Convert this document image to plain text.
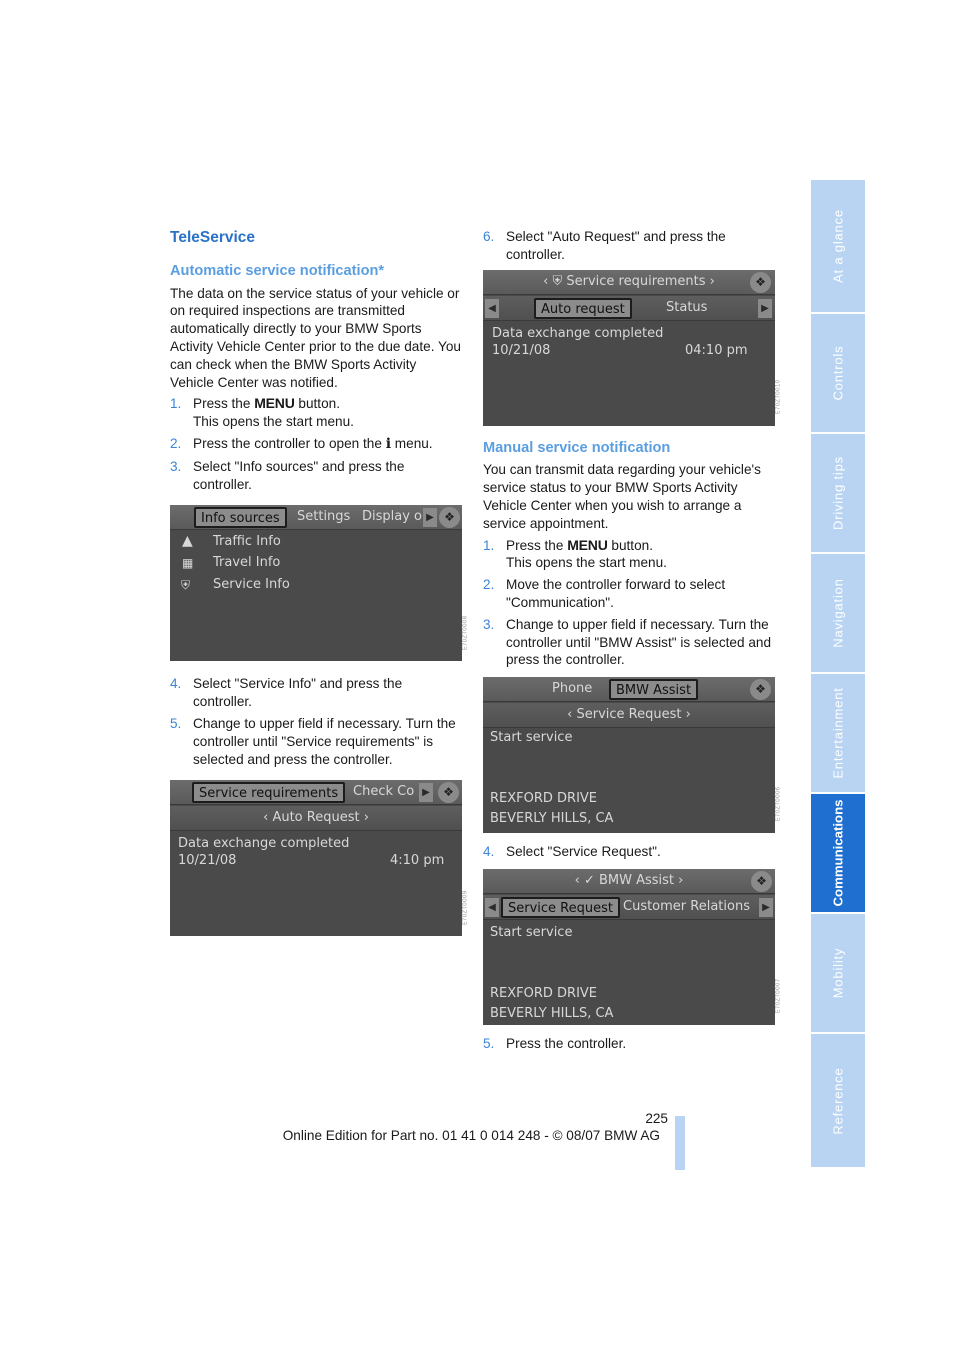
TeleService
Automatic service notification*

The data on the service status of your vehicle or on required inspections are transmitted automatically directly to your BMW Sports Activity Vehicle Center prior to the due date. You can check when the BMW Sports Activity Vehicle Center was notified.

1. Press the MENU button.
This opens the start menu.
2. Press the controller to open the i menu.
3. Select "Info sources" and press the controller.
Info sources	Settings Display o ▶ ❖
▲ Traffic Info
▦ Travel Info
⛨ Service Info
E70ZT0008
4. Select "Service Info" and press the controller.
5. Change to upper field if necessary. Turn the controller until "Service requirements" is selected and press the controller.
Service requirements	Check Co ▶	❖
‹ Auto Request ›
Data exchange completed
10/21/08	4:10 pm
E70ZT0009
6. Select "Auto Request" and press the controller.
‹ ⛨ Service requirements ›	❖
◀	Auto request	Status	▶
Data exchange completed
10/21/08	04:10 pm
E70ZT0010
Manual service notification

You can transmit data regarding your vehicle's service status to your BMW Sports Activity Vehicle Center when you wish to arrange a service appointment.

1. Press the MENU button.
This opens the start menu.
2. Move the controller forward to select "Communication".
3. Change to upper field if necessary. Turn the controller until "BMW Assist" is selected and press the controller.
Phone	BMW Assist	❖
‹ Service Request ›
Start service
REXFORD DRIVE
BEVERLY HILLS, CA	E70ZT0006
4. Select "Service Request".
‹ ✓ BMW Assist ›	❖
◀ Service Request Customer Relations	▶
Start service
REXFORD DRIVE
BEVERLY HILLS, CA
E70ZT0007
5. Press the controller.
At a glance
Controls
Driving tips
Navigation
Entertainment
Communications
Mobility
Reference
225
Online Edition for Part no. 01 41 0 014 248 - © 08/07 BMW AG
